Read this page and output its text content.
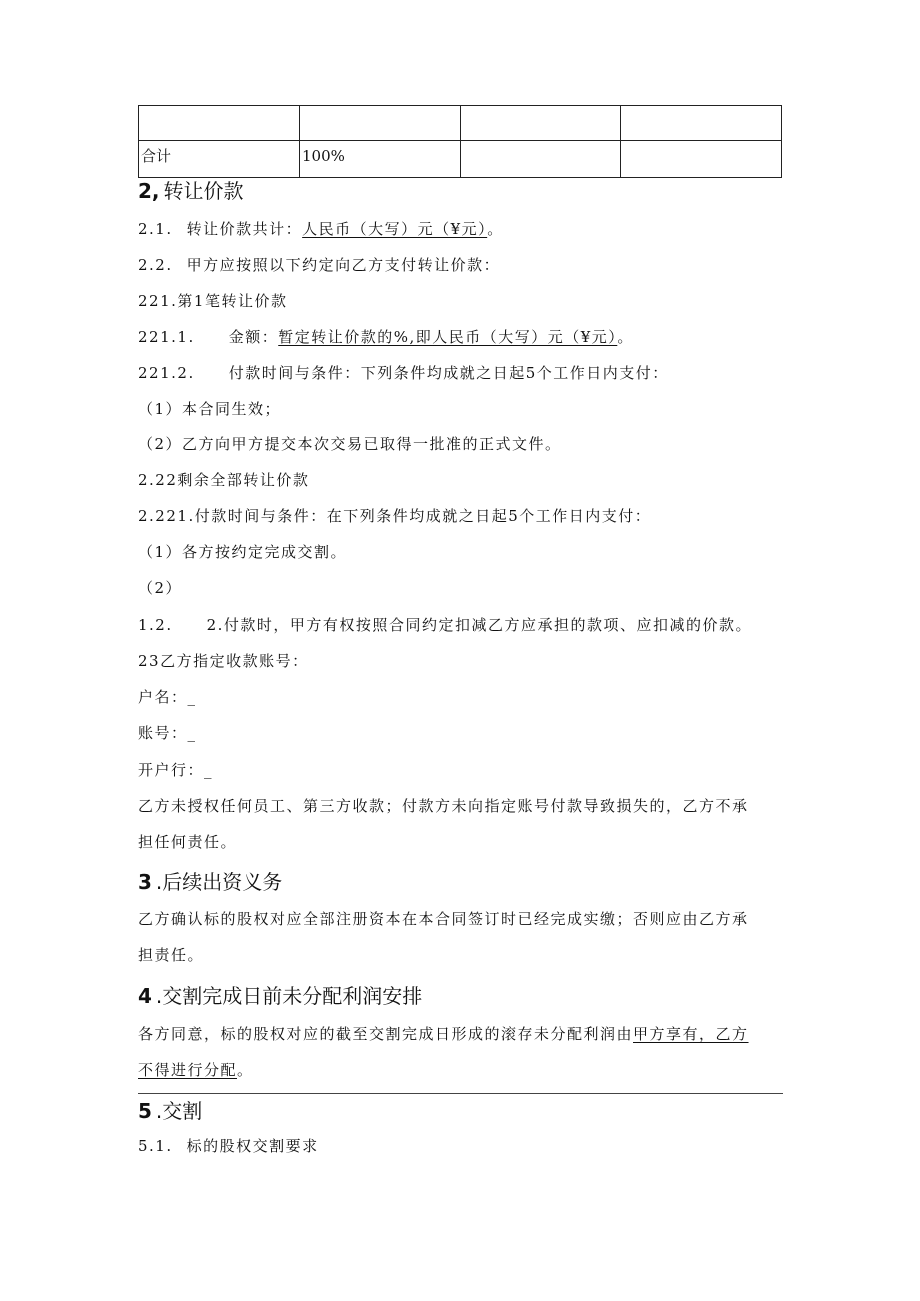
合计	100%		
2, 转让价款
2.1. 转让价款共计：人民币（大写）元（¥元）。
2.2. 甲方应按照以下约定向乙方支付转让价款：
221.第1笔转让价款
221.1. 金额：暂定转让价款的%,即人民币（大写）元（¥元）。
221.2. 付款时间与条件：下列条件均成就之日起5个工作日内支付：
（1）本合同生效；
（2）乙方向甲方提交本次交易已取得一批准的正式文件。
2.22剩余全部转让价款
2.221.付款时间与条件：在下列条件均成就之日起5个工作日内支付：
（1）各方按约定完成交割。
（2）
1.2. 2.付款时，甲方有权按照合同约定扣减乙方应承担的款项、应扣减的价款。
23乙方指定收款账号：
户名：_
账号：_
开户行：_
乙方未授权任何员工、第三方收款；付款方未向指定账号付款导致损失的，乙方不承
担任何责任。
3 .后续出资义务
乙方确认标的股权对应全部注册资本在本合同签订时已经完成实缴；否则应由乙方承
担责任。
4 .交割完成日前未分配利润安排
各方同意，标的股权对应的截至交割完成日形成的滚存未分配利润由甲方享有，乙方
不得进行分配。
5 .交割
5.1. 标的股权交割要求
